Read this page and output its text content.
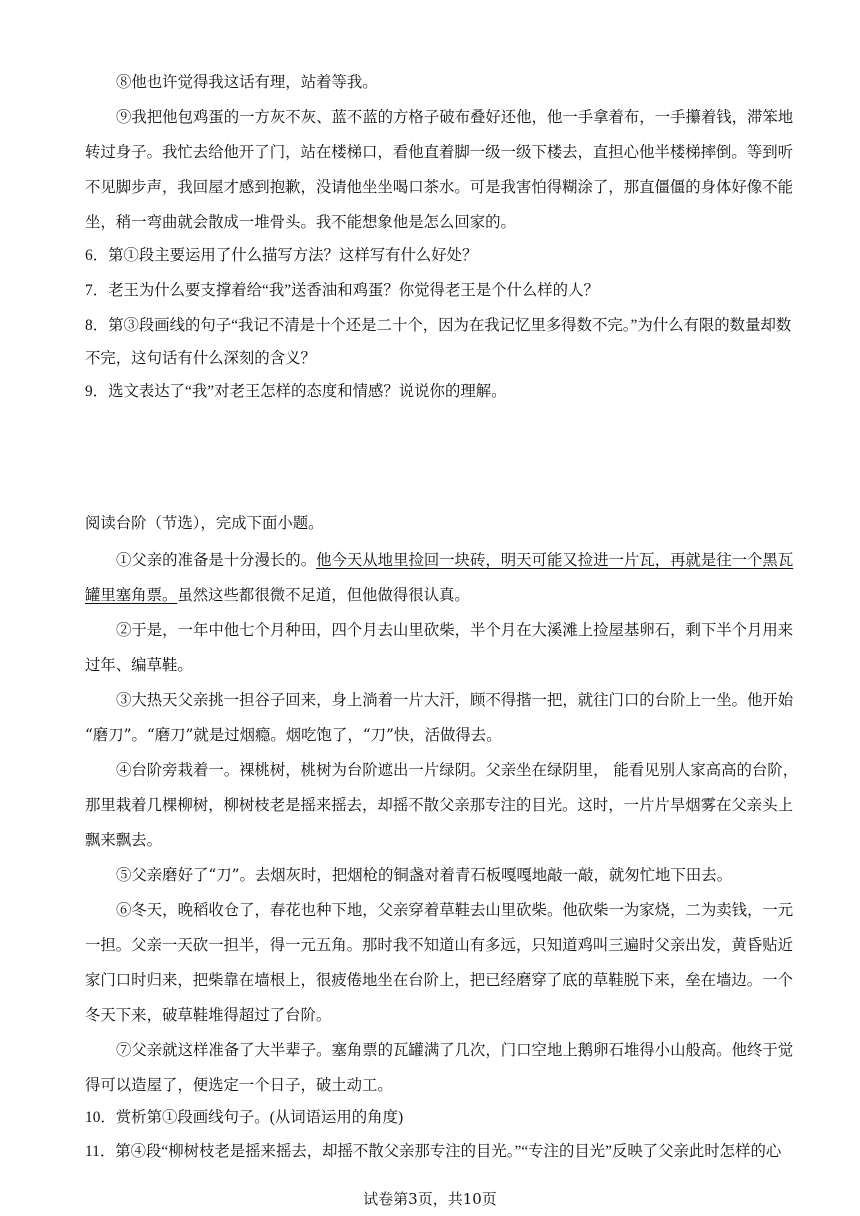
⑧他也许觉得我这话有理，站着等我。
⑨我把他包鸡蛋的一方灰不灰、蓝不蓝的方格子破布叠好还他，他一手拿着布，一手攥着钱，滞笨地
转过身子。我忙去给他开了门，站在楼梯口，看他直着脚一级一级下楼去，直担心他半楼梯摔倒。等到听
不见脚步声，我回屋才感到抱歉，没请他坐坐喝口茶水。可是我害怕得糊涂了，那直僵僵的身体好像不能
坐，稍一弯曲就会散成一堆骨头。我不能想象他是怎么回家的。
6．第①段主要运用了什么描写方法？这样写有什么好处？
7．老王为什么要支撑着给“我”送香油和鸡蛋？你觉得老王是个什么样的人？
8．第③段画线的句子“我记不清是十个还是二十个，因为在我记忆里多得数不完。”为什么有限的数量却数
不完，这句话有什么深刻的含义？
9．选文表达了“我”对老王怎样的态度和情感？说说你的理解。
阅读台阶（节选），完成下面小题。
①父亲的准备是十分漫长的。他今天从地里捡回一块砖，明天可能又捡进一片瓦，再就是往一个黑瓦
罐里塞角票。虽然这些都很微不足道，但他做得很认真。
②于是，一年中他七个月种田，四个月去山里砍柴，半个月在大溪滩上捡屋基卵石，剩下半个月用来
过年、编草鞋。
③大热天父亲挑一担谷子回来，身上淌着一片大汗，顾不得揩一把，就往门口的台阶上一坐。他开始
“磨刀”。“磨刀”就是过烟瘾。烟吃饱了，“刀”快，活做得去。
④台阶旁栽着一。裸桃树，桃树为台阶遮出一片绿阴。父亲坐在绿阴里， 能看见别人家高高的台阶，
那里栽着几棵柳树，柳树枝老是摇来摇去，却摇不散父亲那专注的目光。这时，一片片旱烟雾在父亲头上
飘来飘去。
⑤父亲磨好了“刀”。去烟灰时，把烟枪的铜盏对着青石板嘎嘎地敲一敲，就匆忙地下田去。
⑥冬天，晚稻收仓了，春花也种下地，父亲穿着草鞋去山里砍柴。他砍柴一为家烧，二为卖钱，一元
一担。父亲一天砍一担半，得一元五角。那时我不知道山有多远，只知道鸡叫三遍时父亲出发，黄昏贴近
家门口时归来，把柴靠在墙根上，很疲倦地坐在台阶上，把已经磨穿了底的草鞋脱下来，垒在墙边。一个
冬天下来，破草鞋堆得超过了台阶。
⑦父亲就这样准备了大半辈子。塞角票的瓦罐满了几次，门口空地上鹅卵石堆得小山般高。他终于觉
得可以造屋了，便选定一个日子，破土动工。
10．赏析第①段画线句子。(从词语运用的角度)
11．第④段“柳树枝老是摇来摇去，却摇不散父亲那专注的目光。”“专注的目光”反映了父亲此时怎样的心
试卷第3页，共10页
